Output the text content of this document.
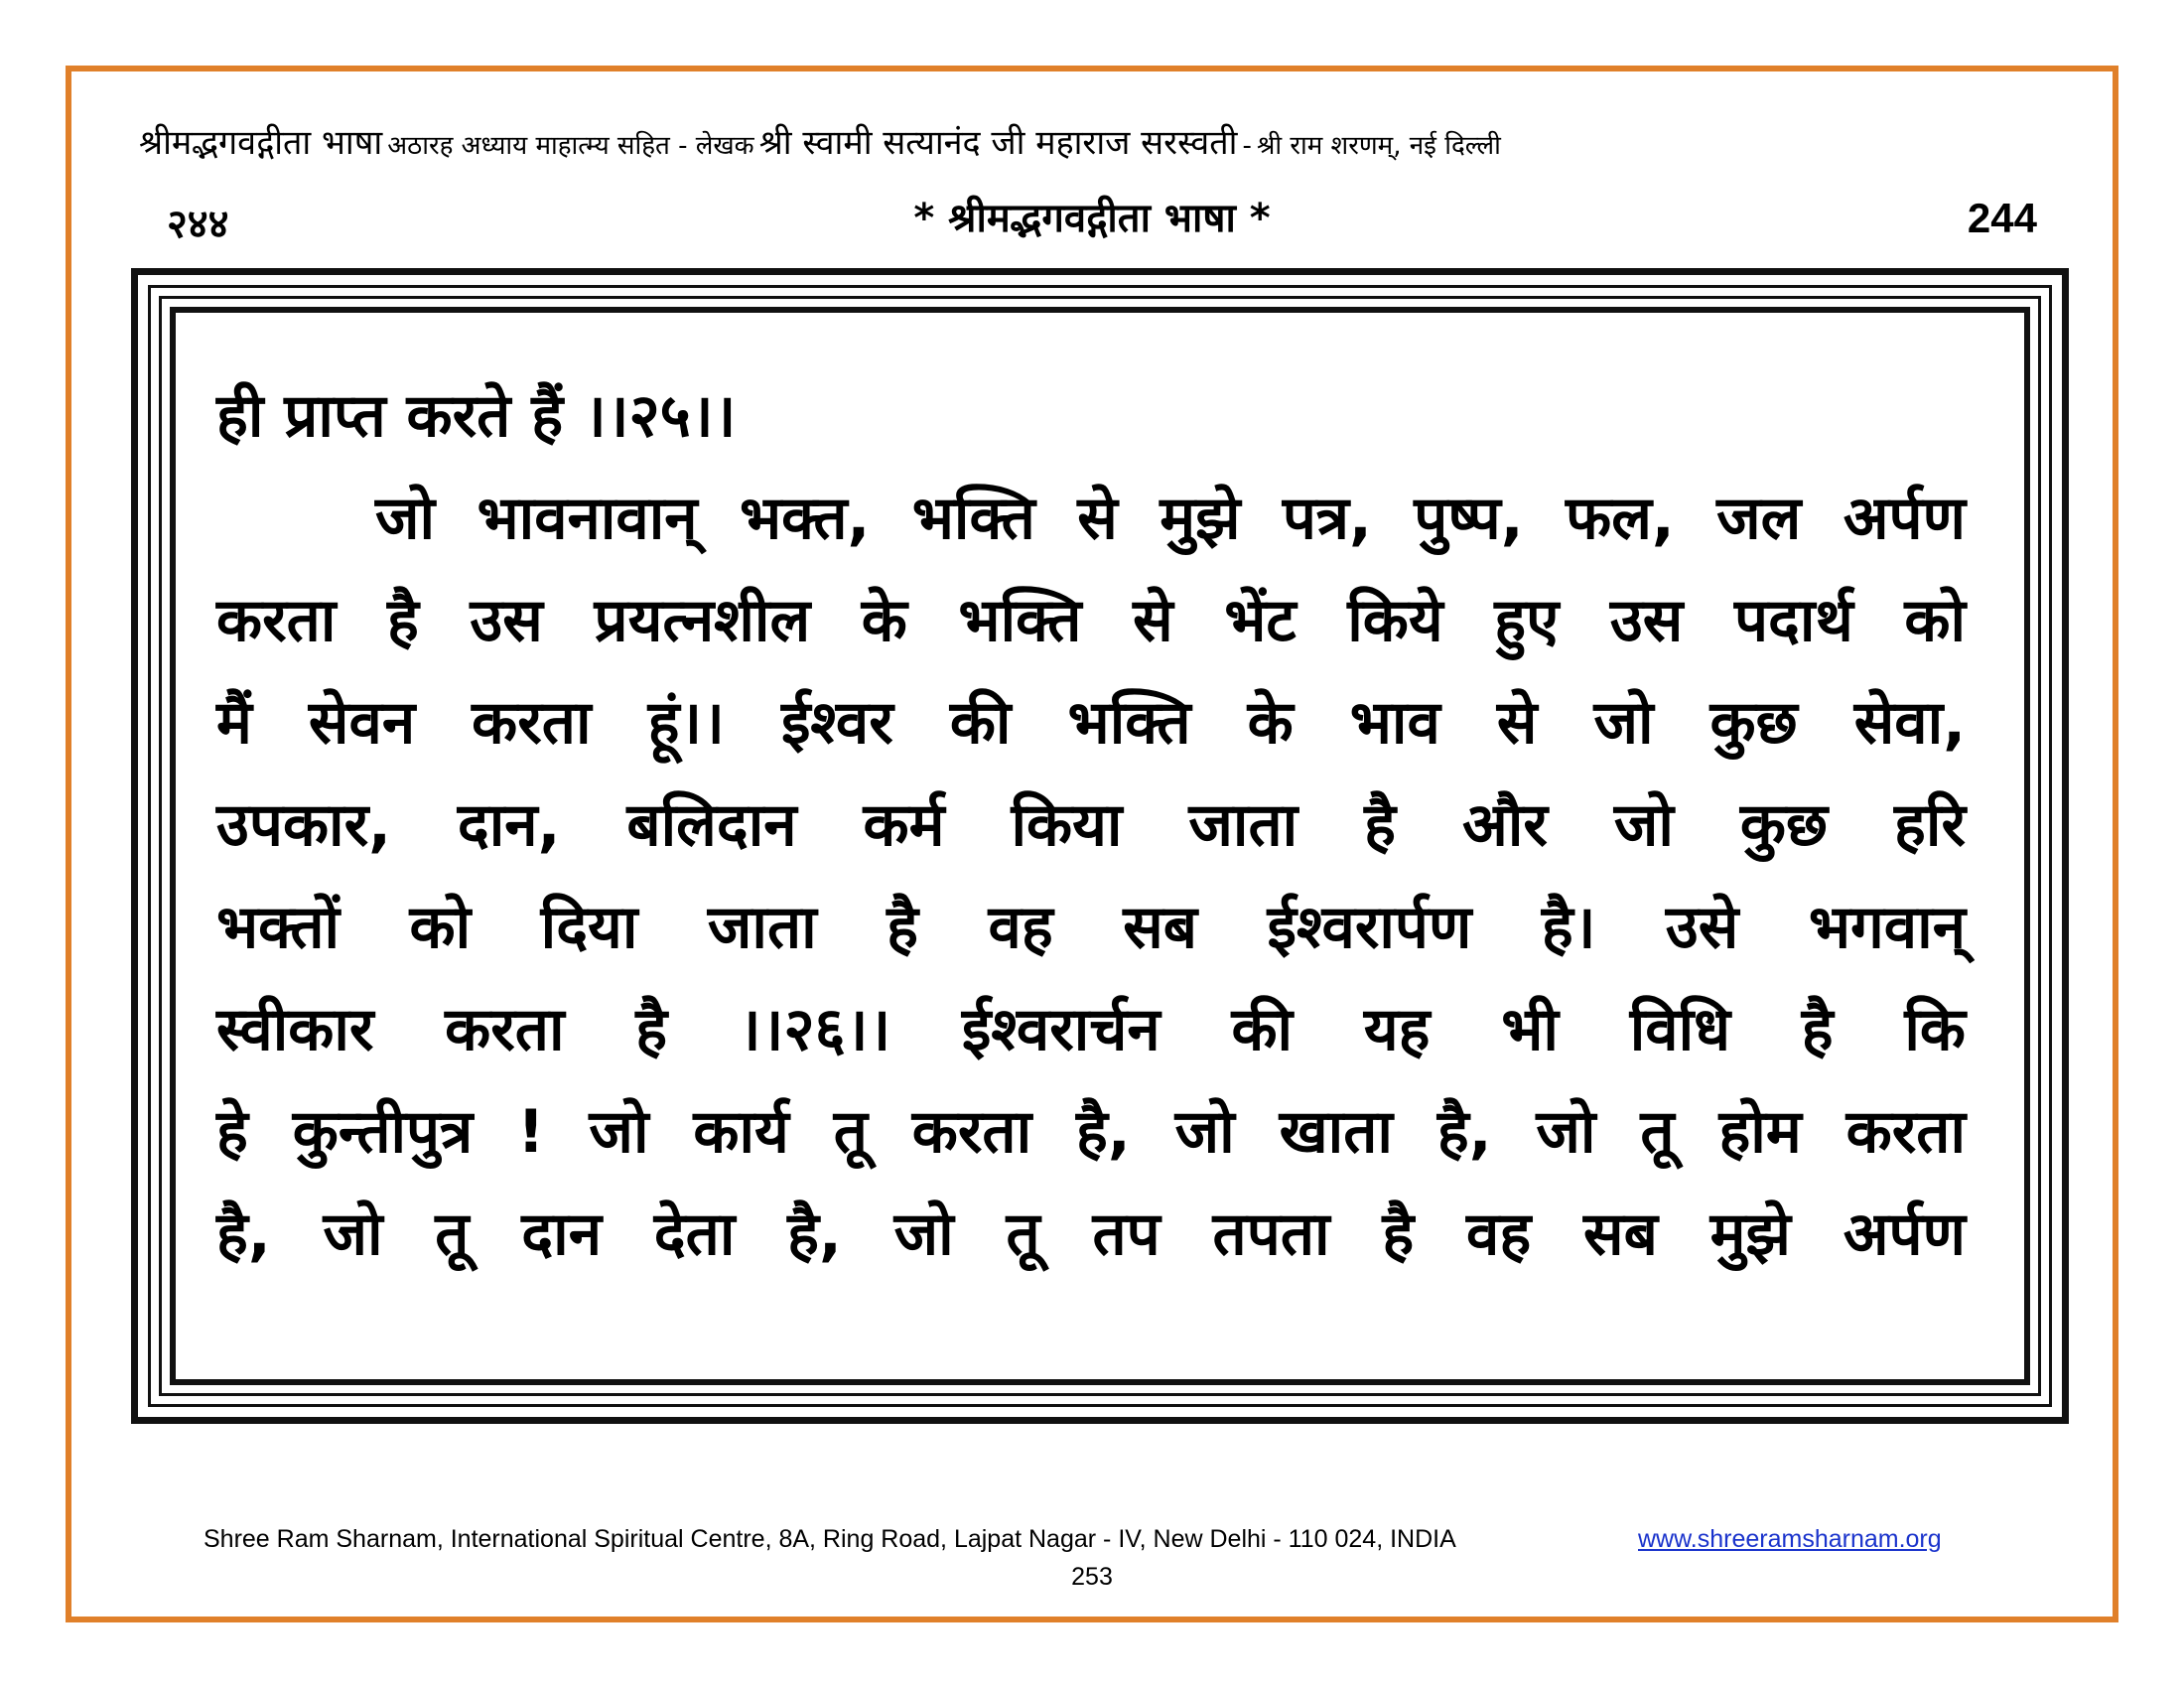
श्रीमद्भगवद्गीता भाषा अठारह अध्याय माहात्म्य सहित - लेखक श्री स्वामी सत्यानंद जी महाराज सरस्वती - श्री राम शरणम्, नई दिल्ली
२४४	* श्रीमद्भगवद्गीता भाषा *	244
ही प्राप्त करते हैं ।।२५।।
जो भावनावान् भक्त, भक्ति से मुझे पत्र, पुष्प, फल, जल अर्पण
करता है उस प्रयत्नशील के भक्ति से भेंट किये हुए उस पदार्थ को
मैं सेवन करता हूं।। ईश्वर की भक्ति के भाव से जो कुछ सेवा,
उपकार, दान, बलिदान कर्म किया जाता है और जो कुछ हरि
भक्तों को दिया जाता है वह सब ईश्वरार्पण है। उसे भगवान्
स्वीकार करता है ।।२६।। ईश्वरार्चन की यह भी विधि है कि
हे कुन्तीपुत्र ! जो कार्य तू करता है, जो खाता है, जो तू होम करता
है, जो तू दान देता है, जो तू तप तपता है वह सब मुझे अर्पण
Shree Ram Sharnam, International Spiritual Centre, 8A, Ring Road, Lajpat Nagar - IV, New Delhi - 110 024, INDIA	www.shreeramsharnam.org
253
